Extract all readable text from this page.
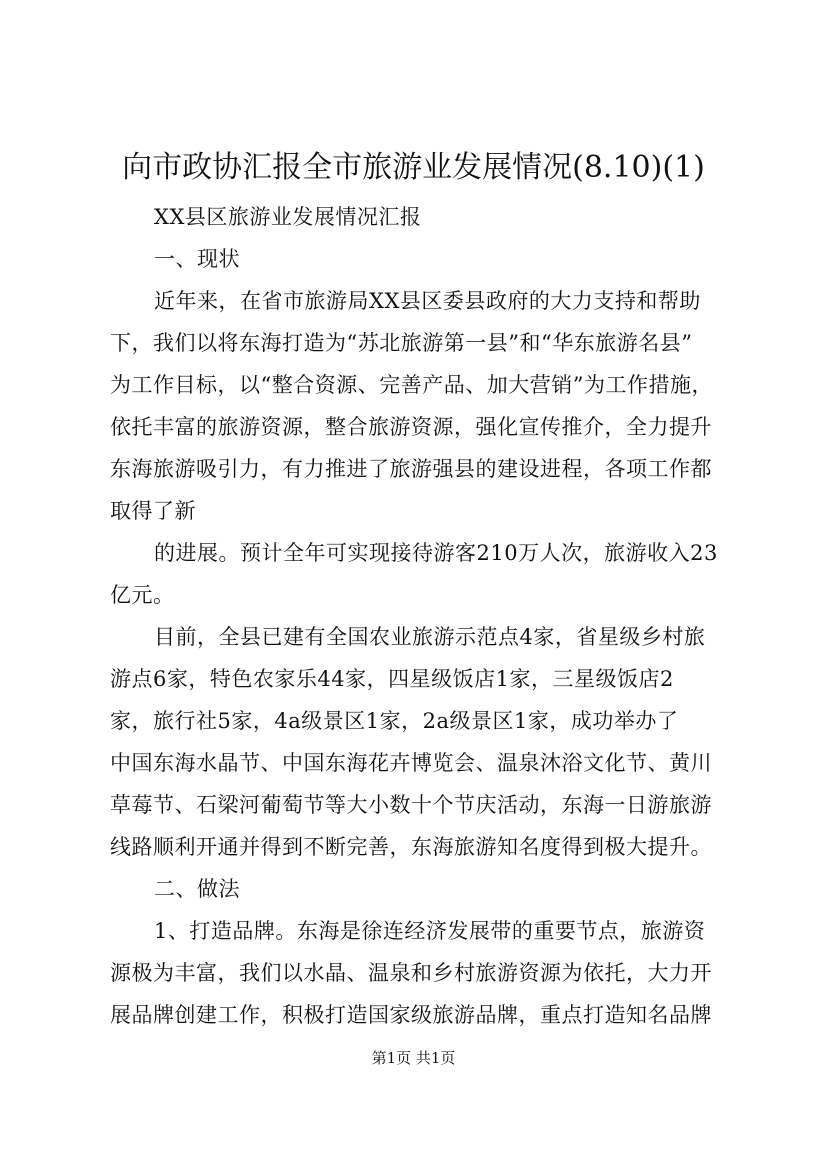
向市政协汇报全市旅游业发展情况(8.10)(1)
XX县区旅游业发展情况汇报
一、现状
近年来，在省市旅游局XX县区委县政府的大力支持和帮助
下，我们以将东海打造为“苏北旅游第一县”和“华东旅游名县”
为工作目标，以“整合资源、完善产品、加大营销”为工作措施，
依托丰富的旅游资源，整合旅游资源，强化宣传推介，全力提升
东海旅游吸引力，有力推进了旅游强县的建设进程，各项工作都
取得了新
的进展。预计全年可实现接待游客210万人次，旅游收入23
亿元。
目前，全县已建有全国农业旅游示范点4家，省星级乡村旅
游点6家，特色农家乐44家，四星级饭店1家，三星级饭店2
家，旅行社5家，4a级景区1家，2a级景区1家，成功举办了
中国东海水晶节、中国东海花卉博览会、温泉沐浴文化节、黄川
草莓节、石梁河葡萄节等大小数十个节庆活动，东海一日游旅游
线路顺利开通并得到不断完善，东海旅游知名度得到极大提升。
二、做法
1、打造品牌。东海是徐连经济发展带的重要节点，旅游资
源极为丰富，我们以水晶、温泉和乡村旅游资源为依托，大力开
展品牌创建工作，积极打造国家级旅游品牌，重点打造知名品牌
第1页 共1页
